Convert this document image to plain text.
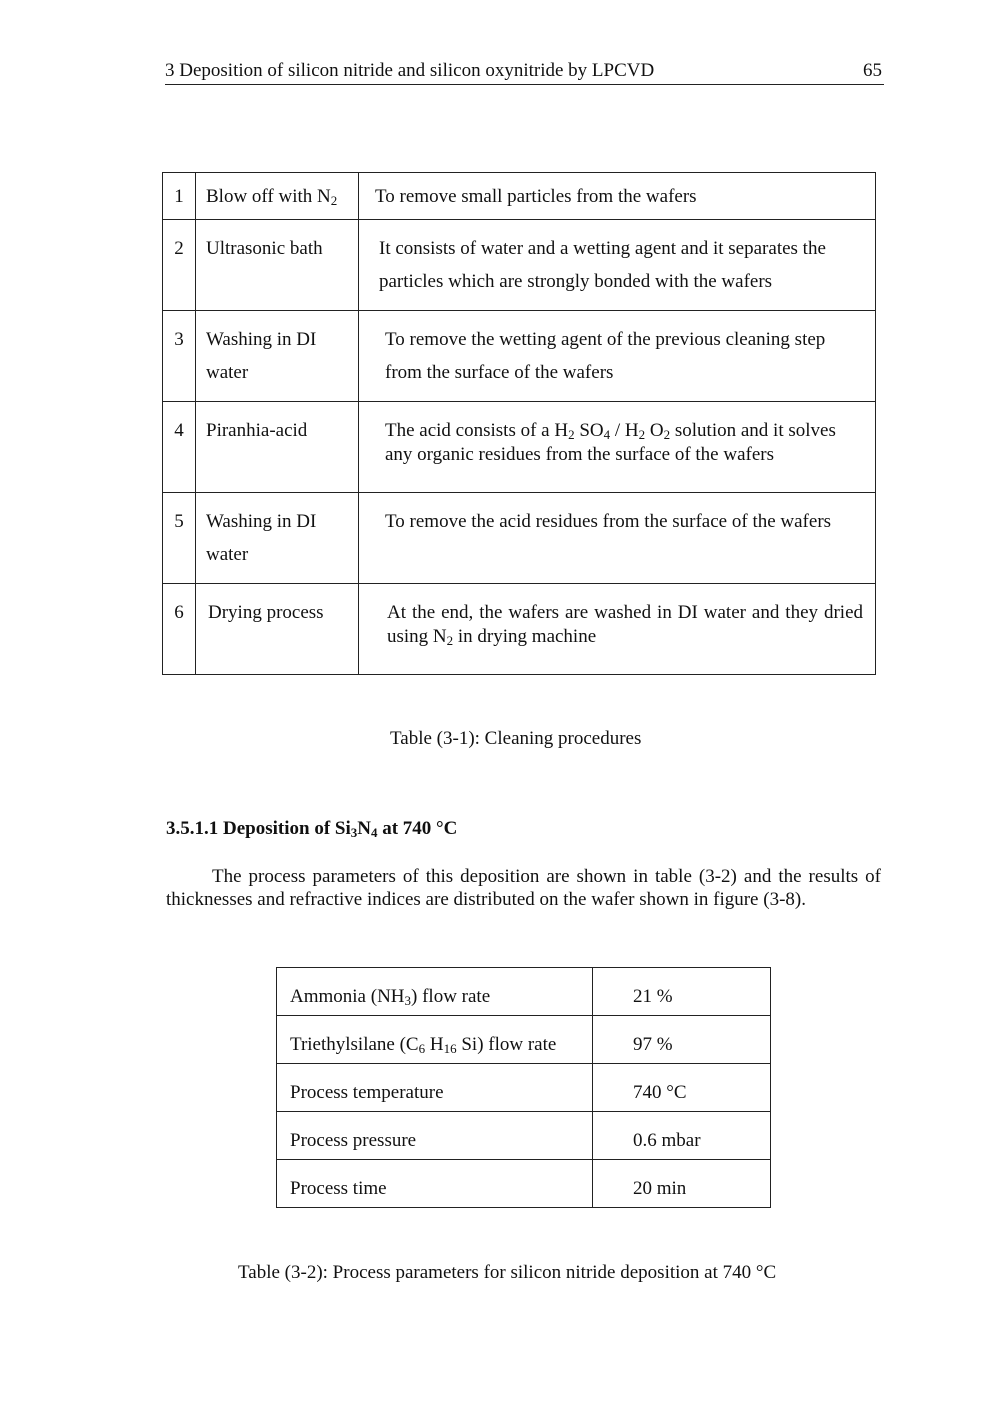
3 Deposition of silicon nitride and silicon oxynitride by LPCVD	65
1	Blow off with $N_2$	To remove small particles from the wafers
2	Ultrasonic bath	It consists of water and a wetting agent and it separates the particles which are strongly bonded with the wafers
3	Washing in DI water	To remove the wetting agent of the previous cleaning step from the surface of the wafers
4	Piranhia-acid	The acid consists of a $H_2$ $SO_4 / H_2$ $O_2$ solution and it solves any organic residues from the surface of the wafers
5	Washing in DI water	To remove the acid residues from the surface of the wafers
6	Drying process	At the end, the wafers are washed in DI water and they dried using $N_2$ in drying machine
Table (3-1): Cleaning procedures
3.5.1.1 Deposition of $Si_3N_4$ at 740 °C
The process parameters of this deposition are shown in table (3-2) and the results of thicknesses and refractive indices are distributed on the wafer shown in figure (3-8).
Ammonia $(NH_3)$ flow rate	21 %
Triethylsilane ($C_6$ $H_{16}$ Si) flow rate	97 %
Process temperature	740 °C
Process pressure	0.6 mbar
Process time	20 min
Table (3-2): Process parameters for silicon nitride deposition at 740 °C
